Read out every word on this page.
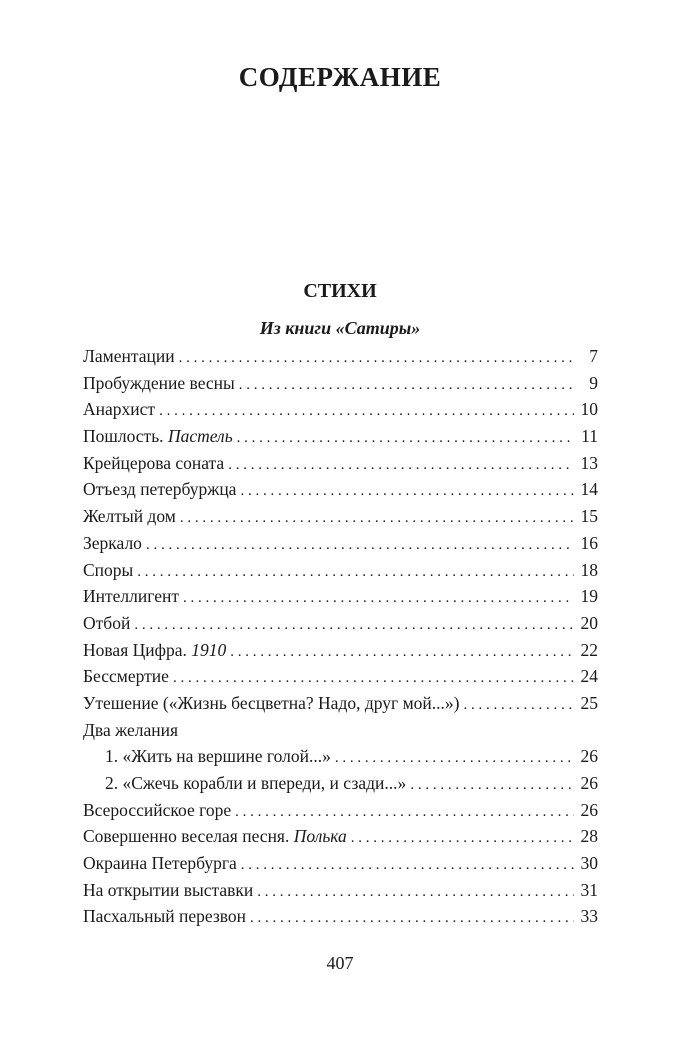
СОДЕРЖАНИЕ
СТИХИ
Из книги «Сатиры»
Ламентации . . .	7
Пробуждение весны . . .	9
Анархист . . .	10
Пошлость. Пастель . . .	11
Крейцерова соната . . .	13
Отъезд петербуржца . . .	14
Желтый дом . . .	15
Зеркало . . .	16
Споры . . .	18
Интеллигент . . .	19
Отбой . . .	20
Новая Цифра. 1910 . . .	22
Бессмертие . . .	24
Утешение («Жизнь бесцветна? Надо, друг мой...») . . .	25
Два желания
1. «Жить на вершине голой...» . . .	26
2. «Сжечь корабли и впереди, и сзади...» . . .	26
Всероссийское горе . . .	26
Совершенно веселая песня. Полька . . .	28
Окраина Петербурга . . .	30
На открытии выставки . . .	31
Пасхальный перезвон . . .	33
407
